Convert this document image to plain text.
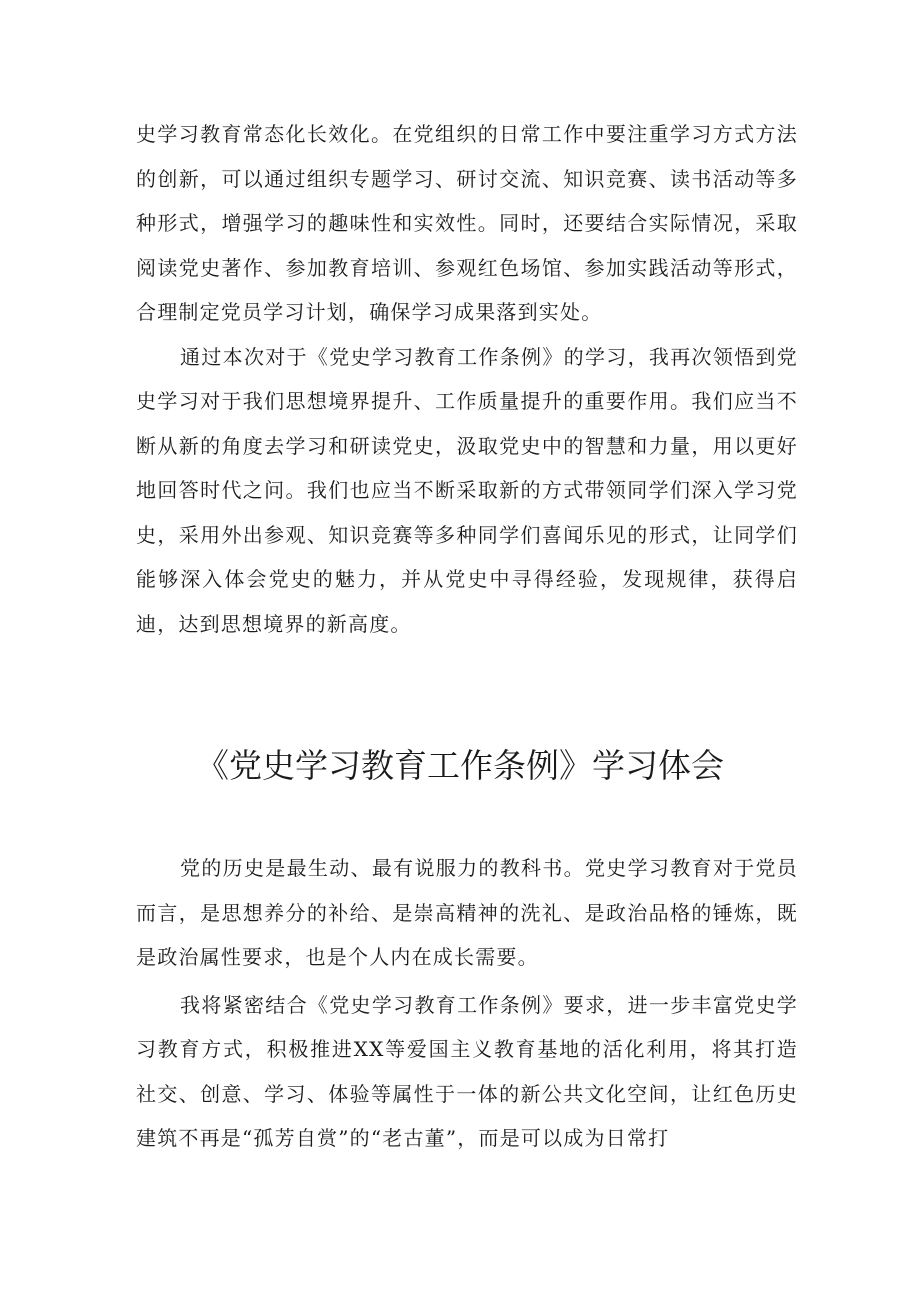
史学习教育常态化长效化。在党组织的日常工作中要注重学习方式方法的创新，可以通过组织专题学习、研讨交流、知识竞赛、读书活动等多种形式，增强学习的趣味性和实效性。同时，还要结合实际情况，采取阅读党史著作、参加教育培训、参观红色场馆、参加实践活动等形式，合理制定党员学习计划，确保学习成果落到实处。

通过本次对于《党史学习教育工作条例》的学习，我再次领悟到党史学习对于我们思想境界提升、工作质量提升的重要作用。我们应当不断从新的角度去学习和研读党史，汲取党史中的智慧和力量，用以更好地回答时代之问。我们也应当不断采取新的方式带领同学们深入学习党史，采用外出参观、知识竞赛等多种同学们喜闻乐见的形式，让同学们能够深入体会党史的魅力，并从党史中寻得经验，发现规律，获得启迪，达到思想境界的新高度。

《党史学习教育工作条例》学习体会

党的历史是最生动、最有说服力的教科书。党史学习教育对于党员而言，是思想养分的补给、是崇高精神的洗礼、是政治品格的锤炼，既是政治属性要求，也是个人内在成长需要。

我将紧密结合《党史学习教育工作条例》要求，进一步丰富党史学习教育方式，积极推进XX等爱国主义教育基地的活化利用，将其打造社交、创意、学习、体验等属性于一体的新公共文化空间，让红色历史建筑不再是“孤芳自赏”的“老古董”，而是可以成为日常打
